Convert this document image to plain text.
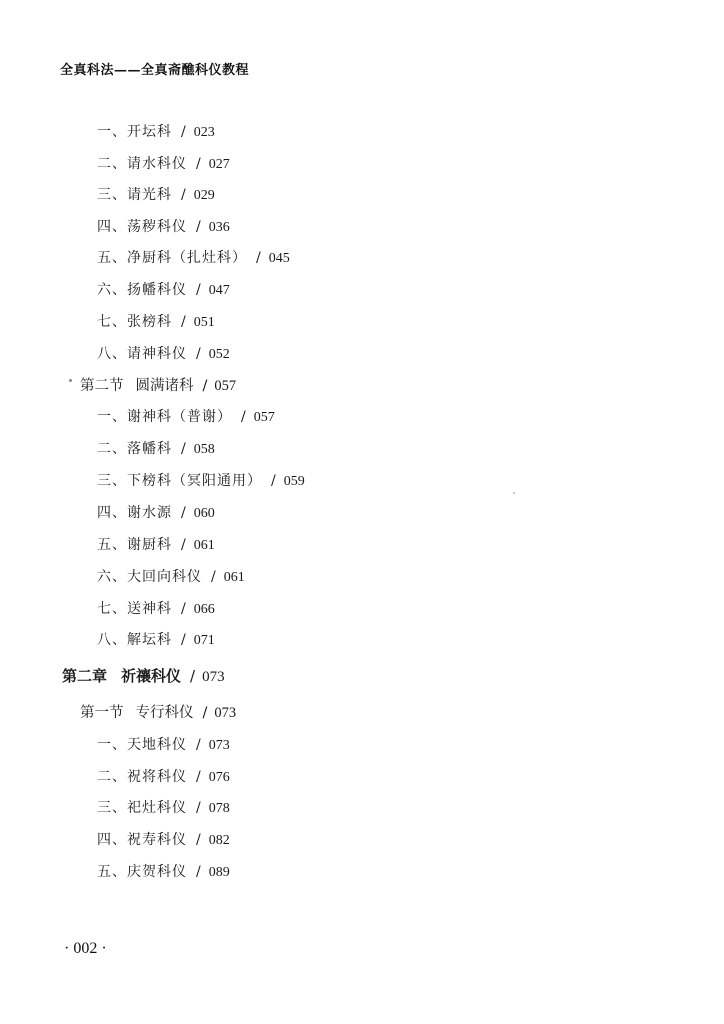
全真科法——全真斋醮科仪教程
一、开坛科 / 023
二、请水科仪 / 027
三、请光科 / 029
四、荡秽科仪 / 036
五、净厨科（扎灶科） / 045
六、扬幡科仪 / 047
七、张榜科 / 051
八、请神科仪 / 052
第二节 圆满诸科 / 057
一、谢神科（普谢） / 057
二、落幡科 / 058
三、下榜科（冥阳通用） / 059
四、谢水源 / 060
五、谢厨科 / 061
六、大回向科仪 / 061
七、送神科 / 066
八、解坛科 / 071
第二章 祈禳科仪 / 073
第一节 专行科仪 / 073
一、天地科仪 / 073
二、祝将科仪 / 076
三、祀灶科仪 / 078
四、祝寿科仪 / 082
五、庆贺科仪 / 089
· 002 ·
